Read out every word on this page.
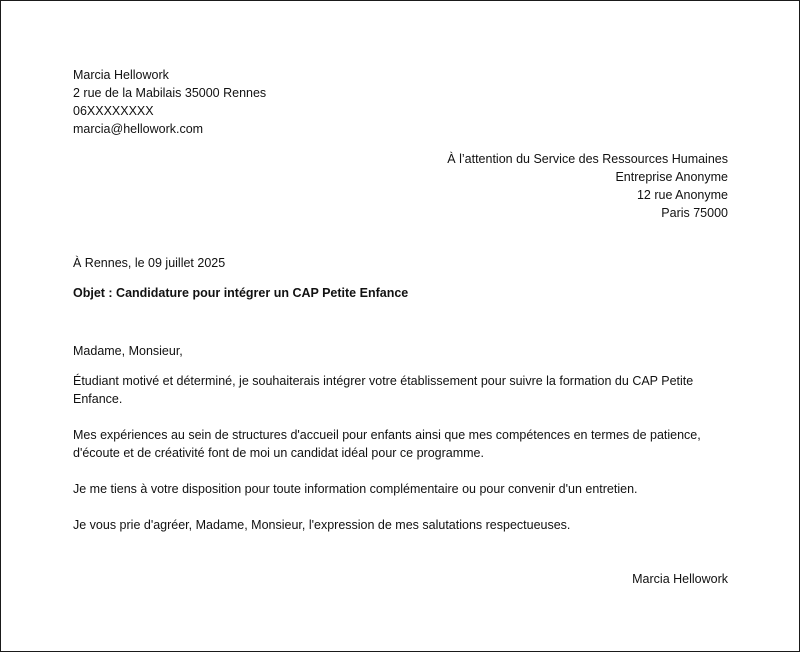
Marcia Hellowork
2 rue de la Mabilais 35000 Rennes
06XXXXXXXX
marcia@hellowork.com
À l’attention du Service des Ressources Humaines
Entreprise Anonyme
12 rue Anonyme
Paris 75000
À Rennes, le 09 juillet 2025
Objet : Candidature pour intégrer un CAP Petite Enfance
Madame, Monsieur,
Étudiant motivé et déterminé, je souhaiterais intégrer votre établissement pour suivre la formation du CAP Petite Enfance.
Mes expériences au sein de structures d'accueil pour enfants ainsi que mes compétences en termes de patience, d'écoute et de créativité font de moi un candidat idéal pour ce programme.
Je me tiens à votre disposition pour toute information complémentaire ou pour convenir d'un entretien.
Je vous prie d'agréer, Madame, Monsieur, l'expression de mes salutations respectueuses.
Marcia Hellowork
